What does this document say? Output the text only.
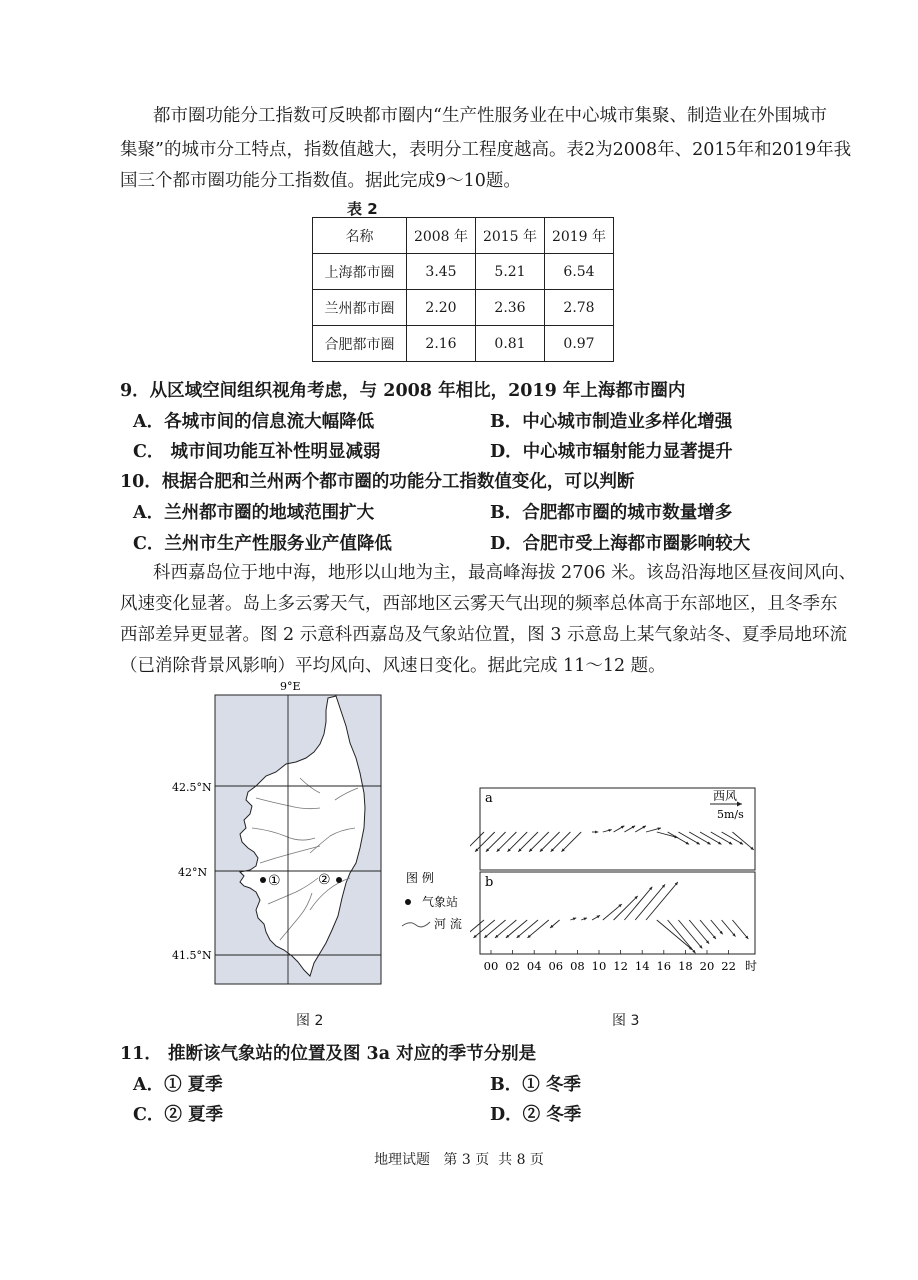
都市圈功能分工指数可反映都市圈内“生产性服务业在中心城市集聚、制造业在外围城市
集聚”的城市分工特点，指数值越大，表明分工程度越高。表2为2008年、2015年和2019年我
国三个都市圈功能分工指数值。据此完成9～10题。
表 2
名称	2008 年	2015 年	2019 年
上海都市圈	3.45	5.21	6.54
兰州都市圈	2.20	2.36	2.78
合肥都市圈	2.16	0.81	0.97
9．从区域空间组织视角考虑，与 2008 年相比，2019 年上海都市圈内
A．各城市间的信息流大幅降低	B．中心城市制造业多样化增强
C． 城市间功能互补性明显减弱	D．中心城市辐射能力显著提升
10．根据合肥和兰州两个都市圈的功能分工指数值变化，可以判断
A．兰州都市圈的地域范围扩大	B．合肥都市圈的城市数量增多
C．兰州市生产性服务业产值降低	D．合肥市受上海都市圈影响较大
科西嘉岛位于地中海，地形以山地为主，最高峰海拔 2706 米。该岛沿海地区昼夜间风向、
风速变化显著。岛上多云雾天气，西部地区云雾天气出现的频率总体高于东部地区，且冬季东
西部差异更显著。图 2 示意科西嘉岛及气象站位置，图 3 示意岛上某气象站冬、夏季局地环流
（已消除背景风影响）平均风向、风速日变化。据此完成 11～12 题。
①	②
9°E
42.5°N
42°N
41.5°N
图 例
气象站
河 流
图 2
a
b
西风
5m/s
00 02 04 06 08 10 12 14 16 18 20 22 时
图 3
11． 推断该气象站的位置及图 3a 对应的季节分别是
A．① 夏季	B．① 冬季
C．② 夏季	D．② 冬季
地理试题   第 3 页  共 8 页
